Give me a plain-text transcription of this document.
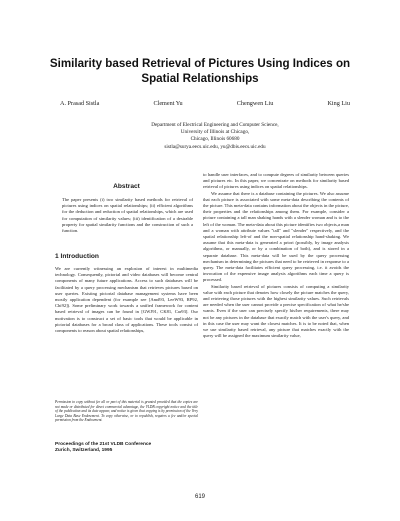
Similarity based Retrieval of Pictures Using Indices on
Spatial Relationships
A. Prasad Sistla	Clement Yu	Chengwen Liu	King Liu
Department of Electrical Engineering and Computer Science,
University of Illinois at Chicago,
Chicago, Illinois 60680
sistla@surya.eecs.uic.edu, yu@dbis.eecs.uic.edu
Abstract

The paper presents (i) two similarity based methods for retrieval of pictures using indices on spatial relationships; (ii) efficient algorithms for the deduction and reduction of spatial relationships, which are used for computation of similarity values; (iii) identification of a desirable property for spatial similarity functions and the construction of such a function.

1 Introduction

We are currently witnessing an explosion of interest in multimedia technology. Consequently, pictorial and video databases will become central components of many future applications. Access to such databases will be facilitated by a query processing mechanism that retrieves pictures based on user queries. Existing pictorial database management systems have been mostly application dependent (for example see [Amd93, LeeW93, RP92, Chi92]). Some preliminary work towards a unified framework for content based retrieval of images can be found in [GWJ91, CK81, Car93]. Our motivation is to construct a set of basic tools that would be applicable in pictorial databases for a broad class of applications. These tools consist of components to reason about spatial relationships,

to handle user interfaces, and to compute degrees of similarity between queries and pictures etc. In this paper, we concentrate on methods for similarity based retrieval of pictures using indices on spatial relationships.

We assume that there is a database containing the pictures. We also assume that each picture is associated with some meta-data describing the contents of the picture. This meta-data contains information about the objects in the picture, their properties and the relationships among them. For example, consider a picture containing a tall man shaking hands with a slender woman and is to the left of the woman. The meta-data about this picture identifies two objects,a man and a woman with attribute values "tall" and "slender" respectively, and the spatial relationship left-of and the non-spatial relationship hand-shaking. We assume that this meta-data is generated a priori (possibly, by image analysis algorithms, or manually, or by a combination of both), and is stored in a separate database. This meta-data will be used by the query processing mechanism in determining the pictures that need to be retrieved in response to a query. The meta-data facilitates efficient query processing, i.e. it avoids the invocation of the expensive image analysis algorithms each time a query is processed.

Similarity based retrieval of pictures consists of computing a similarity value with each picture that denotes how closely the picture matches the query, and retrieving those pictures with the highest similarity values. Such retrievals are needed when the user cannot provide a precise specification of what he/she wants. Even if the user can precisely specify his/her requirements, there may not be any pictures in the database that exactly match with the user's query, and in this case the user may want the closest matches. It is to be noted that, when we use similarity based retrieval, any picture that matches exactly with the query will be assigned the maximum similarity value,

Permission to copy without fee all or part of this material is granted provided that the copies are not made or distributed for direct commercial advantage, the VLDB copyright notice and the title of the publication and its date appear, and notice is given that copying is by permission of the Very Large Data Base Endowment. To copy otherwise, or to republish, requires a fee and/or special permission from the Endowment.

Proceedings of the 21st VLDB Conference
Zurich, Switzerland, 1995
619
